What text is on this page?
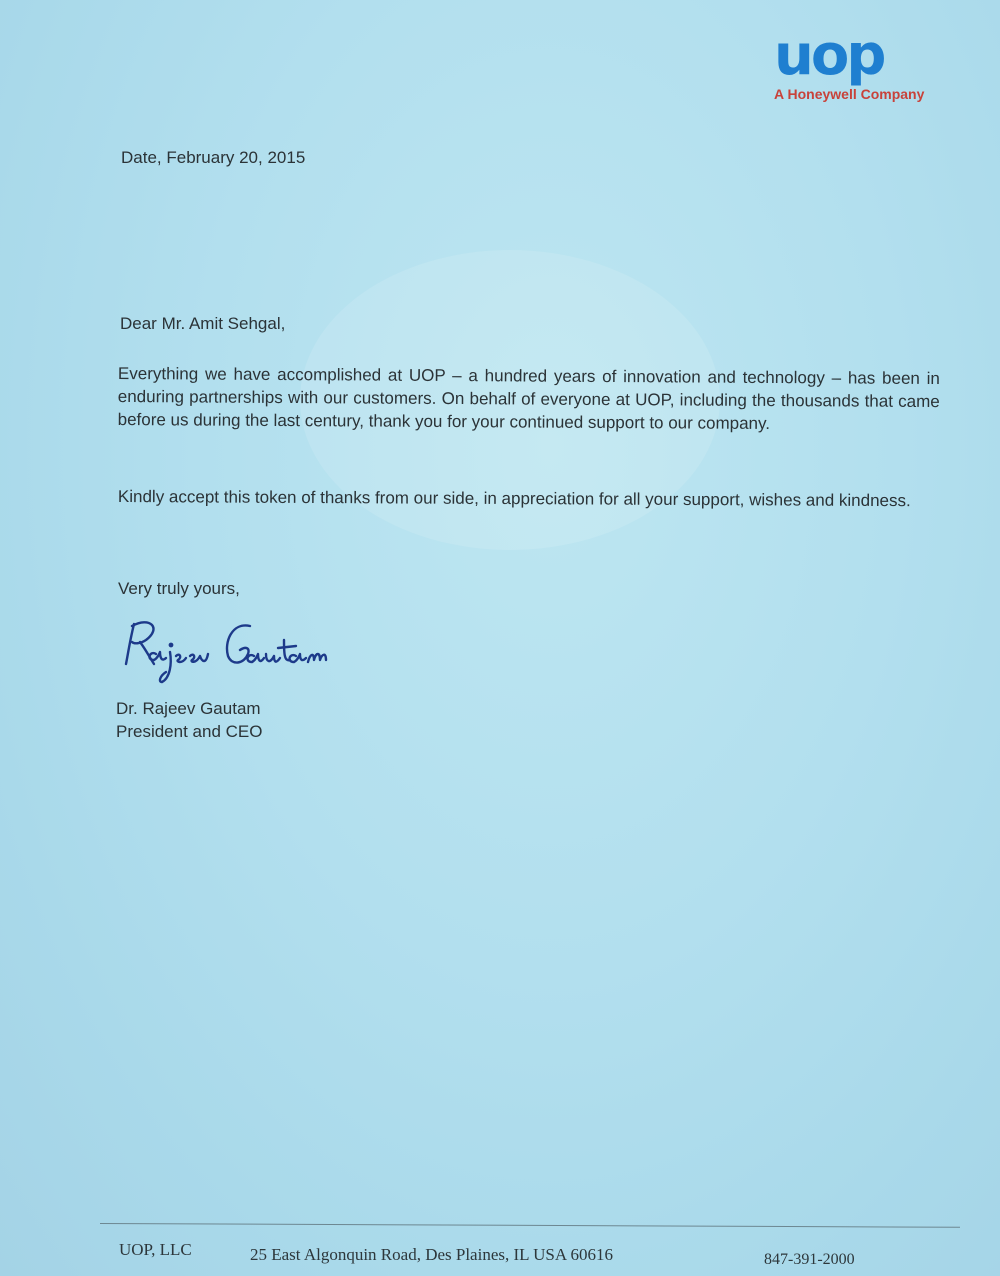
uop
A Honeywell Company
Date, February 20, 2015
Dear Mr. Amit Sehgal,
Everything we have accomplished at UOP – a hundred years of innovation and technology – has been in enduring partnerships with our customers. On behalf of everyone at UOP, including the thousands that came before us during the last century, thank you for your continued support to our company.
Kindly accept this token of thanks from our side, in appreciation for all your support, wishes and kindness.
Very truly yours,
Dr. Rajeev Gautam
President and CEO
UOP, LLC	25 East Algonquin Road, Des Plaines, IL USA 60616	847-391-2000
